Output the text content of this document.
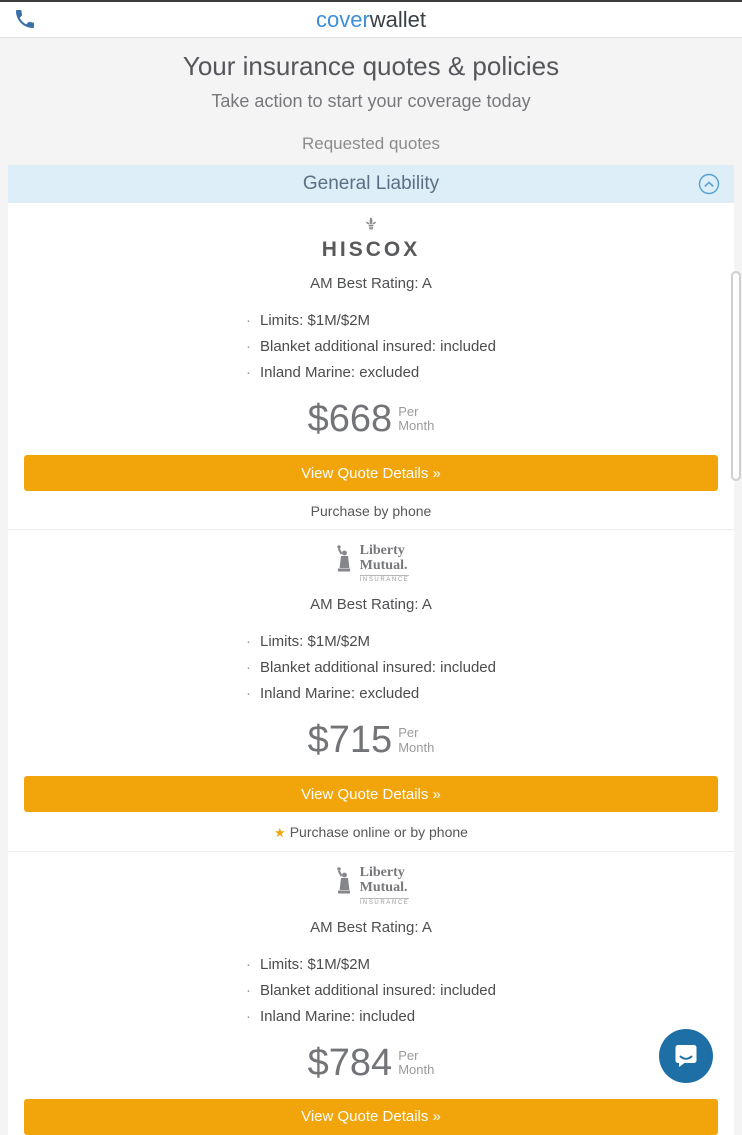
coverwallet
Your insurance quotes & policies
Take action to start your coverage today
Requested quotes
General Liability
HISCOX
AM Best Rating: A
· Limits: $1M/$2M
· Blanket additional insured: included
· Inland Marine: excluded
$668 Per
Month
View Quote Details »
Purchase by phone
Liberty
Mutual.
INSURANCE
AM Best Rating: A
· Limits: $1M/$2M
· Blanket additional insured: included
· Inland Marine: excluded
$715 Per
Month
View Quote Details »
★ Purchase online or by phone
Liberty
Mutual.
INSURANCE
AM Best Rating: A
· Limits: $1M/$2M
· Blanket additional insured: included
· Inland Marine: included
$784 Per
Month
View Quote Details »
